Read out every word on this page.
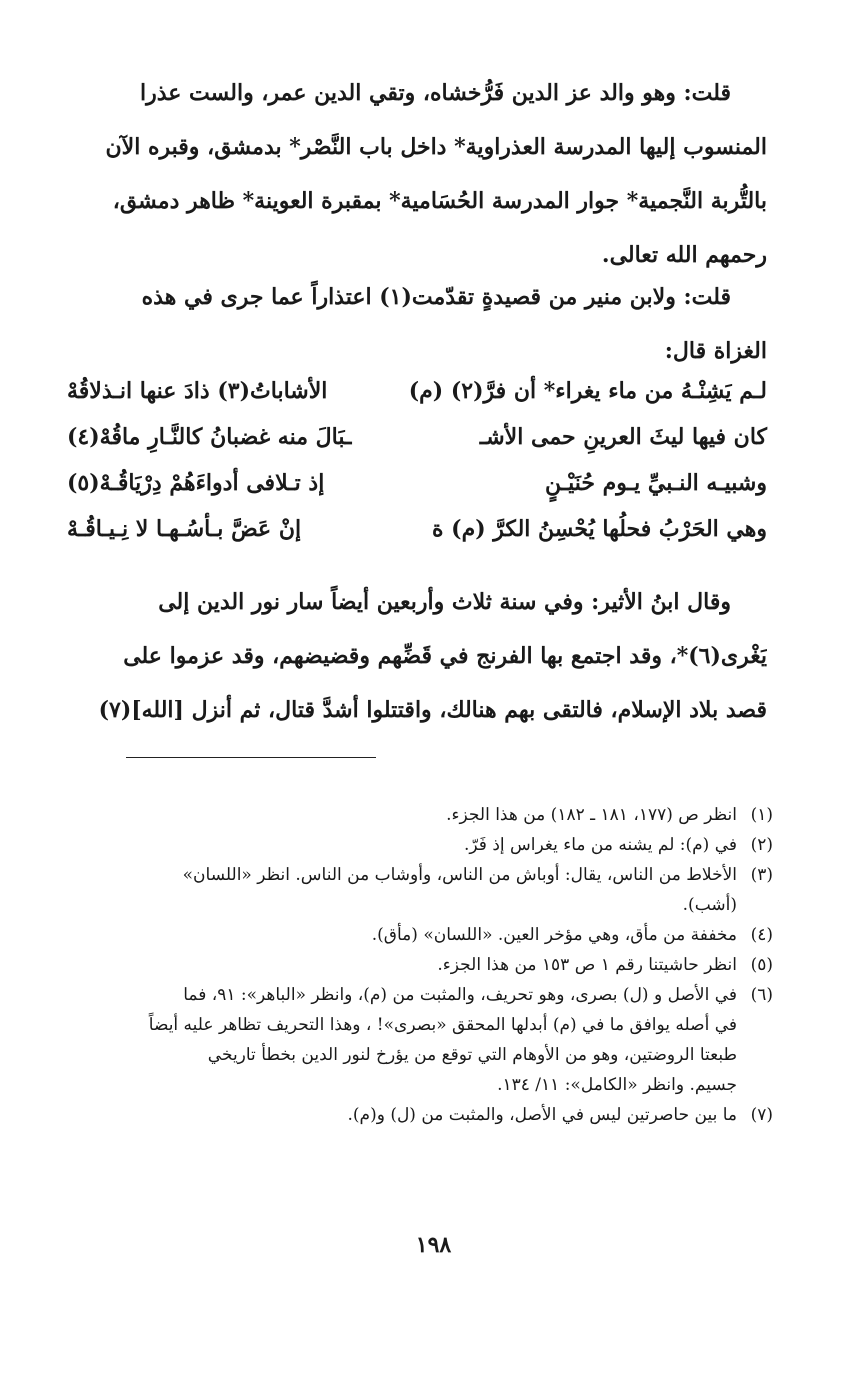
قلت: وهو والد عز الدين فَرُّخشاه، وتقي الدين عمر، والست عذرا
المنسوب إليها المدرسة العذراوية* داخل باب النَّصْر* بدمشق، وقبره الآن
بالتُّربة النَّجمية* جوار المدرسة الحُسَامية* بمقبرة العوينة* ظاهر دمشق،
رحمهم الله تعالى.
قلت: ولابن منير من قصيدةٍ تقدّمت(١) اعتذاراً عما جرى في هذه
الغزاة قال:
لـم يَشِنْـهُ من ماء يغراء* أن فرَّ(٢) (م)
الأشاباتُ(٣) ذادَ عنها انـذلاقُهْ
كان فيها ليثَ العرينِ حمى الأشـ
ـبَالَ منه غضبانُ كالنَّـارِ ماقُهْ(٤)
وشبيـه النـبيِّ يـوم حُنَيْـنٍ
إذ تـلافى أدواءَهُمْ دِرْيَاقُـهْ(٥)
وهي الحَرْبُ فحلُها يُحْسِنُ الكرَّ (م) ة
إنْ عَضَّ بـأسُـهـا لا نِـيـاقُـهْ
وقال ابنُ الأثير: وفي سنة ثلاث وأربعين أيضاً سار نور الدين إلى
يَغْرى(٦)*، وقد اجتمع بها الفرنج في قَضِّهم وقضيضهم، وقد عزموا على
قصد بلاد الإسلام، فالتقى بهم هنالك، واقتتلوا أشدَّ قتال، ثم أنزل [الله](٧)
(١)
انظر ص (١٧٧، ١٨١ ـ ١٨٢) من هذا الجزء.
(٢)
في (م): لم يشنه من ماء يغراس إذ فَرّ.
(٣)
الأخلاط من الناس، يقال: أوباش من الناس، وأوشاب من الناس. انظر «اللسان»
(أشب).
(٤)
مخففة من مأق، وهي مؤخر العين. «اللسان» (مأق).
(٥)
انظر حاشيتنا رقم ١ ص ١٥٣ من هذا الجزء.
(٦)
في الأصل و (ل) بصرى، وهو تحريف، والمثبت من (م)، وانظر «الباهر»: ٩١، فما
في أصله يوافق ما في (م) أبدلها المحقق «بصرى»! ، وهذا التحريف تظاهر عليه أيضاً
طبعتا الروضتين، وهو من الأوهام التي توقع من يؤرخ لنور الدين بخطأ تاريخي
جسيم. وانظر «الكامل»: ١١/ ١٣٤.
(٧)
ما بين حاصرتين ليس في الأصل، والمثبت من (ل) و(م).
١٩٨
